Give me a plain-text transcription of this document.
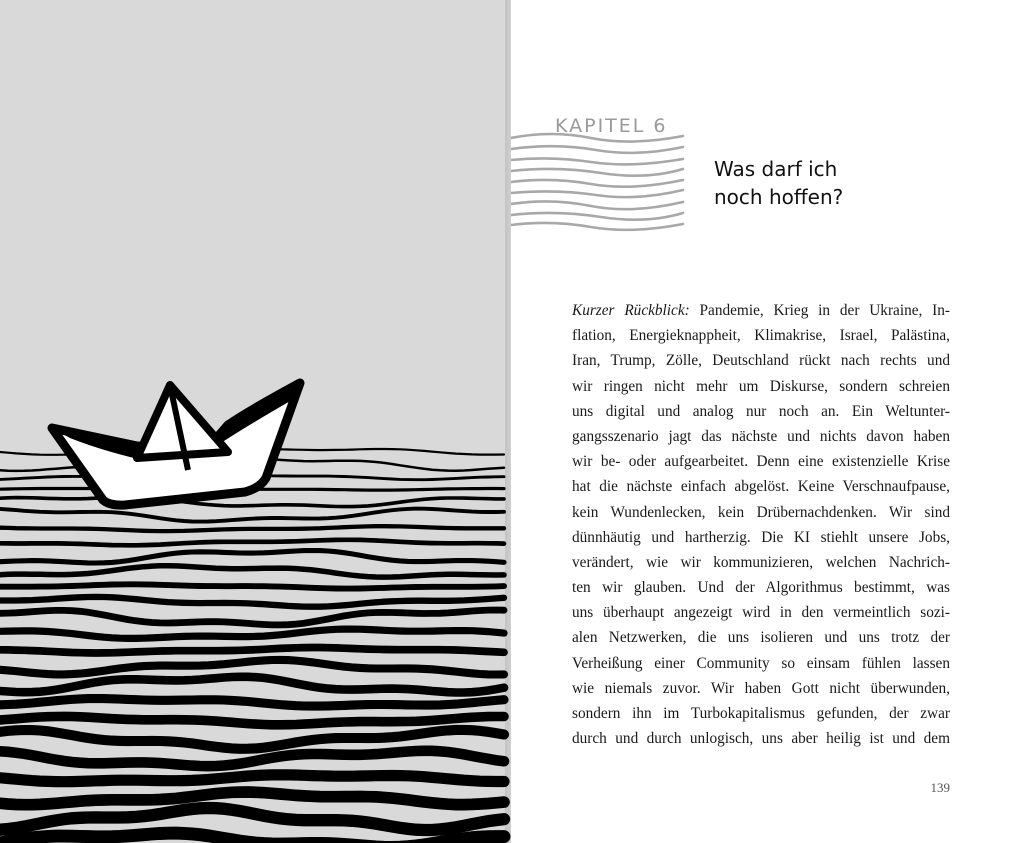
KAPITEL 6
Was darf ich
noch hoffen?
Kurzer Rückblick: Pandemie, Krieg in der Ukraine, In-
flation, Energieknappheit, Klimakrise, Israel, Palästina,
Iran, Trump, Zölle, Deutschland rückt nach rechts und
wir ringen nicht mehr um Diskurse, sondern schreien
uns digital und analog nur noch an. Ein Weltunter-
gangsszenario jagt das nächste und nichts davon haben
wir be- oder aufgearbeitet. Denn eine existenzielle Krise
hat die nächste einfach abgelöst. Keine Verschnaufpause,
kein Wundenlecken, kein Drübernachdenken. Wir sind
dünnhäutig und hartherzig. Die KI stiehlt unsere Jobs,
verändert, wie wir kommunizieren, welchen Nachrich-
ten wir glauben. Und der Algorithmus bestimmt, was
uns überhaupt angezeigt wird in den vermeintlich sozi-
alen Netzwerken, die uns isolieren und uns trotz der
Verheißung einer Community so einsam fühlen lassen
wie niemals zuvor. Wir haben Gott nicht überwunden,
sondern ihn im Turbokapitalismus gefunden, der zwar
durch und durch unlogisch, uns aber heilig ist und dem
139
